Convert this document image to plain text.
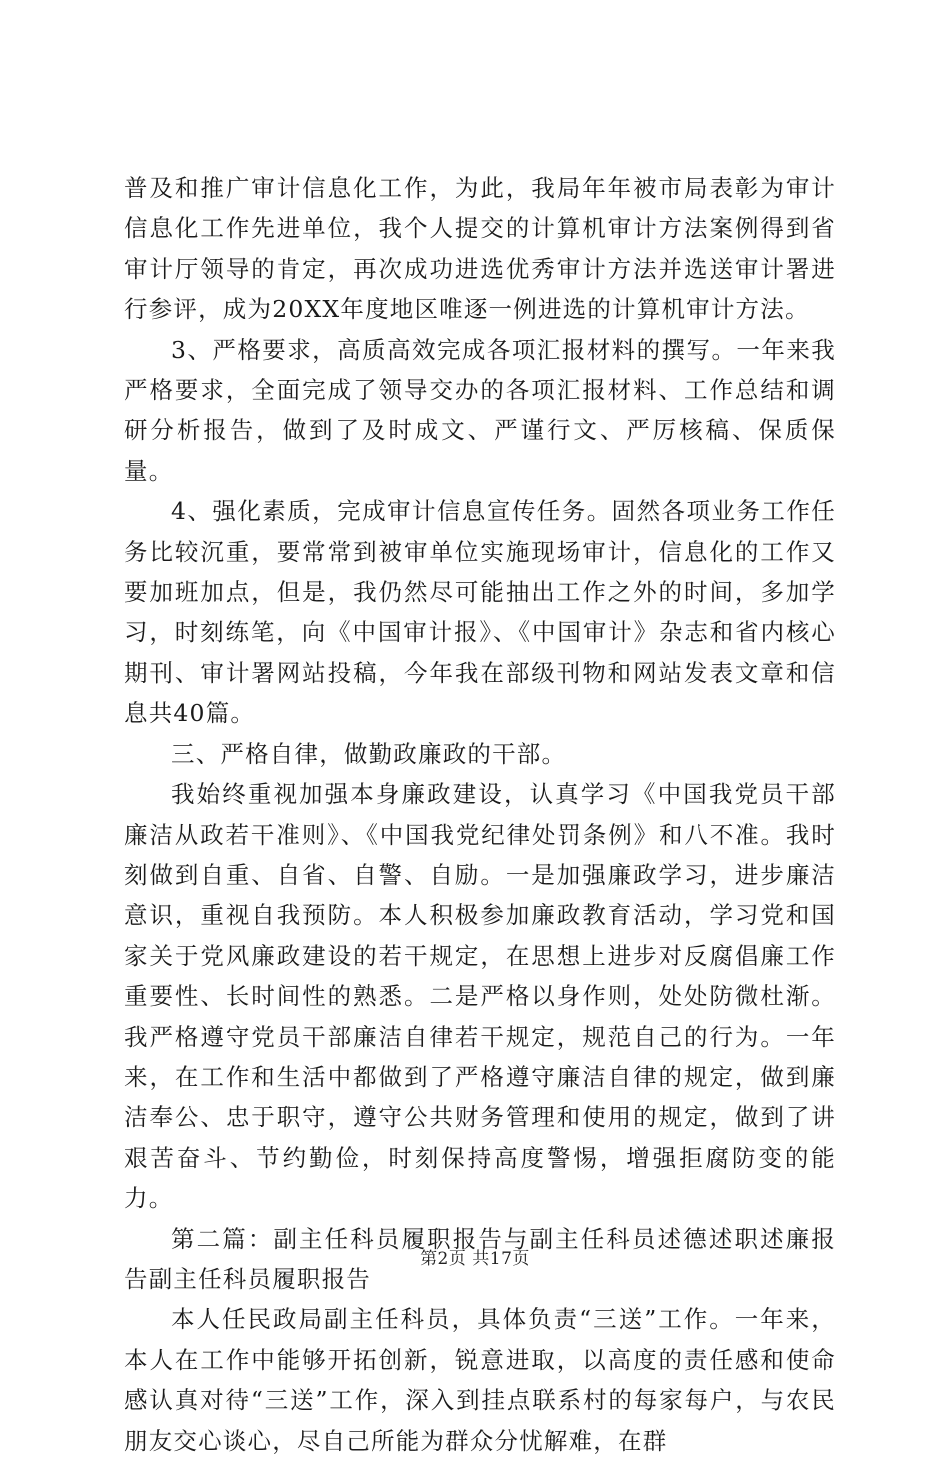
普及和推广审计信息化工作，为此，我局年年被市局表彰为审计信息化工作先进单位，我个人提交的计算机审计方法案例得到省审计厅领导的肯定，再次成功进选优秀审计方法并选送审计署进行参评，成为20XX年度地区唯逐一例进选的计算机审计方法。

3、严格要求，高质高效完成各项汇报材料的撰写。一年来我严格要求，全面完成了领导交办的各项汇报材料、工作总结和调研分析报告，做到了及时成文、严谨行文、严厉核稿、保质保量。

4、强化素质，完成审计信息宣传任务。固然各项业务工作任务比较沉重，要常常到被审单位实施现场审计，信息化的工作又要加班加点，但是，我仍然尽可能抽出工作之外的时间，多加学习，时刻练笔，向《中国审计报》、《中国审计》杂志和省内核心期刊、审计署网站投稿，今年我在部级刊物和网站发表文章和信息共40篇。

三、严格自律，做勤政廉政的干部。

我始终重视加强本身廉政建设，认真学习《中国我党员干部廉洁从政若干准则》、《中国我党纪律处罚条例》和八不准。我时刻做到自重、自省、自警、自励。一是加强廉政学习，进步廉洁意识，重视自我预防。本人积极参加廉政教育活动，学习党和国家关于党风廉政建设的若干规定，在思想上进步对反腐倡廉工作重要性、长时间性的熟悉。二是严格以身作则，处处防微杜渐。我严格遵守党员干部廉洁自律若干规定，规范自己的行为。一年来，在工作和生活中都做到了严格遵守廉洁自律的规定，做到廉洁奉公、忠于职守，遵守公共财务管理和使用的规定，做到了讲艰苦奋斗、节约勤俭，时刻保持高度警惕，增强拒腐防变的能力。

第二篇：副主任科员履职报告与副主任科员述德述职述廉报告副主任科员履职报告

本人任民政局副主任科员，具体负责“三送”工作。一年来，本人在工作中能够开拓创新，锐意进取，以高度的责任感和使命感认真对待“三送”工作，深入到挂点联系村的每家每户，与农民朋友交心谈心，尽自己所能为群众分忧解难，在群

第2页 共17页
